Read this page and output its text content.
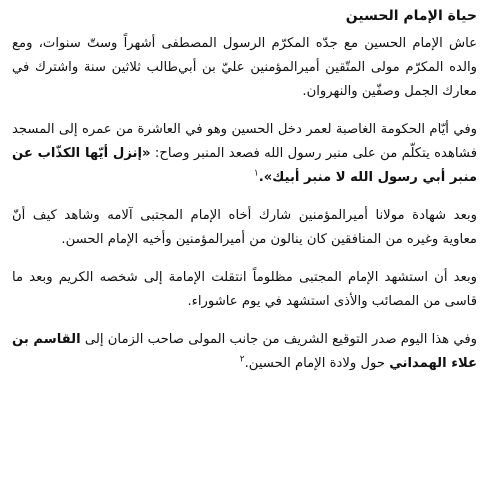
حياة الإمام الحسين

عاش الإمام الحسين مع جدّه المكرّم الرسول المصطفى أشهراً وستّ سنوات، ومع والده المكرّم مولى المتّقين أميرالمؤمنين عليّ بن أبي‌طالب ثلاثين سنة واشترك في معارك الجمل وصفّين والنهروان.

وفي أيّام الحكومة الغاصبة لعمر دخل الحسين وهو في العاشرة من عمره إلى المسجد فشاهده يتكلّم من على منبر رسول الله فصعد المنبر وصاح: «إنزل أيّها الكذّاب عن منبر أبي رسول الله لا منبر أبيك».$^١$

وبعد شهادة مولانا أميرالمؤمنين شارك أخاه الإمام المجتبى آلامه وشاهد كيف أنّ معاوية وغيره من المنافقين كان ينالون من أميرالمؤمنين وأخيه الإمام الحسن.

وبعد أن استشهد الإمام المجتبى مظلوماً انتقلت الإمامة إلى شخصه الكريم وبعد ما قاسى من المصائب والأذى استشهد في يوم عاشوراء.

وفي هذا اليوم صدر التوقيع الشريف من جانب المولى صاحب الزمان إلى القاسم بن علاء الهمداني حول ولادة الإمام الحسين.$^٢$
